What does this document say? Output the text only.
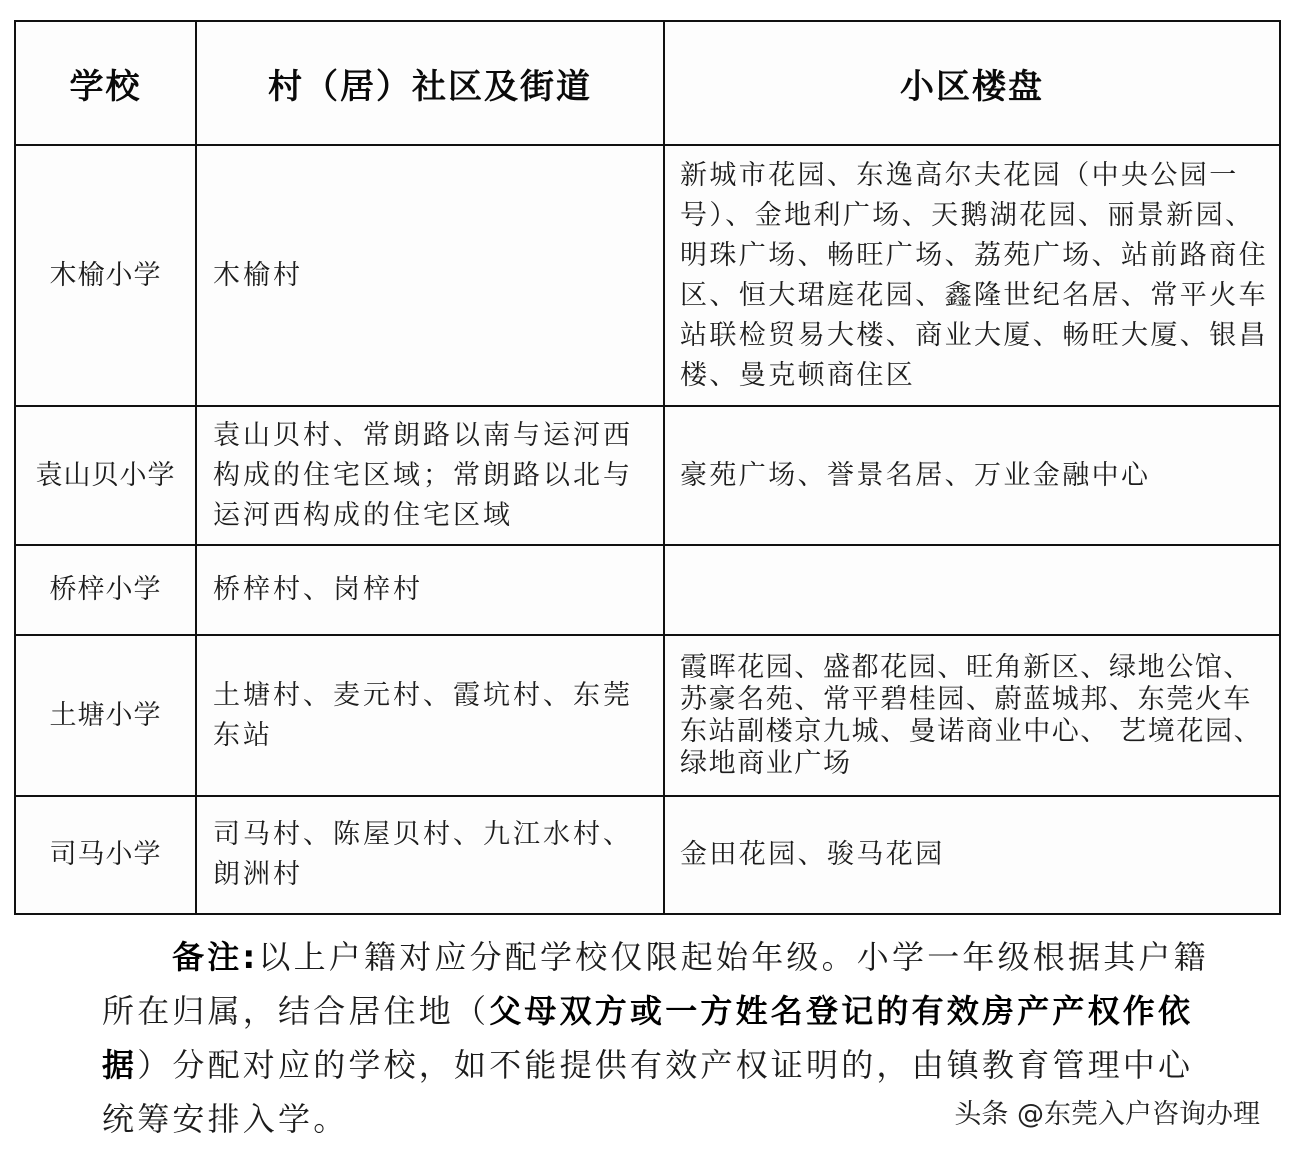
学校	村（居）社区及街道	小区楼盘
木榆小学	木榆村	新城市花园、东逸高尔夫花园（中央公园一号）、金地利广场、天鹅湖花园、丽景新园、明珠广场、畅旺广场、荔苑广场、站前路商住区、恒大珺庭花园、鑫隆世纪名居、常平火车站联检贸易大楼、商业大厦、畅旺大厦、银昌楼、曼克顿商住区
袁山贝小学	袁山贝村、常朗路以南与运河西构成的住宅区域；常朗路以北与运河西构成的住宅区域	豪苑广场、誉景名居、万业金融中心
桥梓小学	桥梓村、岗梓村	
土塘小学	土塘村、麦元村、霞坑村、东莞东站	霞晖花园、盛都花园、旺角新区、绿地公馆、苏豪名苑、常平碧桂园、蔚蓝城邦、东莞火车东站副楼京九城、曼诺商业中心、 艺境花园、绿地商业广场
司马小学	司马村、陈屋贝村、九江水村、朗洲村	金田花园、骏马花园
备注:以上户籍对应分配学校仅限起始年级。小学一年级根据其户籍所在归属，结合居住地（父母双方或一方姓名登记的有效房产产权作依据）分配对应的学校，如不能提供有效产权证明的，由镇教育管理中心统筹安排入学。	头条 @东莞入户咨询办理
